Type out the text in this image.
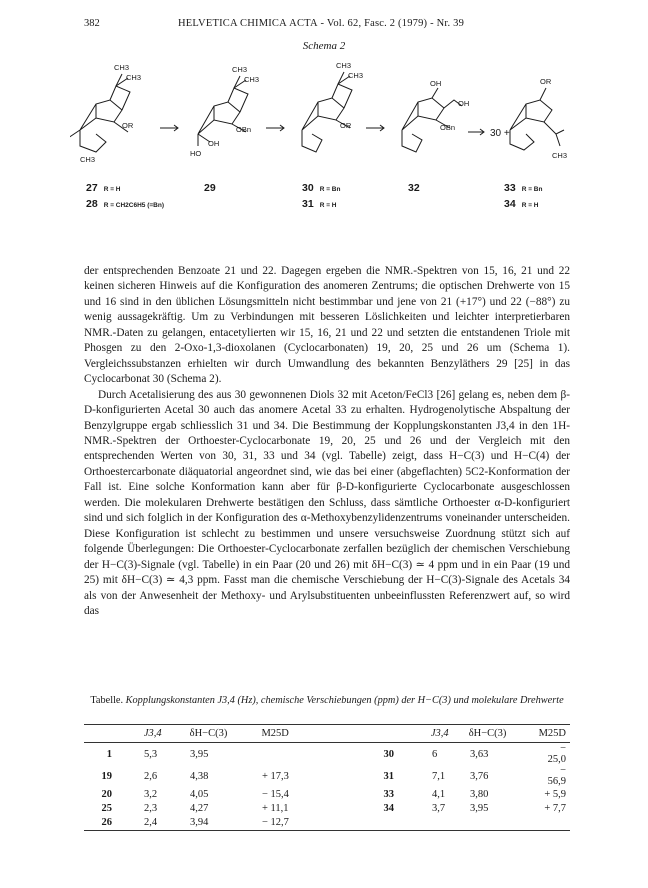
382	HELVETICA CHIMICA ACTA - Vol. 62, Fasc. 2 (1979) - Nr. 39
Schema 2
CH3
CH3
OR
CH3
CH3
CH3
OBn
HO
OH
CH3
CH3
OR
OH
OH
OBn
30 +
OR
CH3
27 R = H
28 R = CH2C6H5 (=Bn)
29	30 R = Bn
31 R = H
32	33 R = Bn
34 R = H

der entsprechenden Benzoate 21 und 22. Dagegen ergeben die NMR.-Spektren von 15, 16, 21 und 22 keinen sicheren Hinweis auf die Konfiguration des anomeren Zentrums; die optischen Drehwerte von 15 und 16 sind in den üblichen Lösungsmitteln nicht bestimmbar und jene von 21 (+17°) und 22 (−88°) zu wenig aussagekräftig. Um zu Verbindungen mit besseren Löslichkeiten und leichter interpretierbaren NMR.-Daten zu gelangen, entacetylierten wir 15, 16, 21 und 22 und setzten die entstandenen Triole mit Phosgen zu den 2-Oxo-1,3-dioxolanen (Cyclocarbonaten) 19, 20, 25 und 26 um (Schema 1). Vergleichssubstanzen erhielten wir durch Umwandlung des bekannten Benzyläthers 29 [25] in das Cyclocarbonat 30 (Schema 2).

Durch Acetalisierung des aus 30 gewonnenen Diols 32 mit Aceton/FeCl3 [26] gelang es, neben dem β-D-konfigurierten Acetal 30 auch das anomere Acetal 33 zu erhalten. Hydrogenolytische Abspaltung der Benzylgruppe ergab schliesslich 31 und 34. Die Bestimmung der Kopplungskonstanten J3,4 in den 1H-NMR.-Spektren der Orthoester-Cyclocarbonate 19, 20, 25 und 26 und der Vergleich mit den entsprechenden Werten von 30, 31, 33 und 34 (vgl. Tabelle) zeigt, dass H−C(3) und H−C(4) der Orthoestercarbonate diäquatorial angeordnet sind, wie das bei einer (abgeflachten) 5C2-Konformation der Fall ist. Eine solche Konformation kann aber für β-D-konfigurierte Cyclocarbonate ausgeschlossen werden. Die molekularen Drehwerte bestätigen den Schluss, dass sämtliche Orthoester α-D-konfiguriert sind und sich folglich in der Konfiguration des α-Methoxybenzylidenzentrums voneinander unterscheiden. Diese Konfiguration ist schlecht zu bestimmen und unsere versuchsweise Zuordnung stützt sich auf folgende Überlegungen: Die Orthoester-Cyclocarbonate zerfallen bezüglich der chemischen Verschiebung der H−C(3)-Signale (vgl. Tabelle) in ein Paar (20 und 26) mit δH−C(3) ≃ 4 ppm und in ein Paar (19 und 25) mit δH−C(3) ≃ 4,3 ppm. Fasst man die chemische Verschiebung der H−C(3)-Signale des Acetals 34 als von der Anwesenheit der Methoxy- und Arylsubstituenten unbeeinflussten Referenzwert auf, so wird das

Tabelle. Kopplungskonstanten J3,4 (Hz), chemische Verschiebungen (ppm) der H−C(3) und molekulare Drehwerte
	J3,4	δH−C(3)	M25D		J3,4	δH−C(3)	M25D
1	5,3	3,95		30	6	3,63	− 25,0
19	2,6	4,38	+ 17,3	31	7,1	3,76	− 56,9
20	3,2	4,05	− 15,4	33	4,1	3,80	+ 5,9
25	2,3	4,27	+ 11,1	34	3,7	3,95	+ 7,7
26	2,4	3,94	− 12,7				
